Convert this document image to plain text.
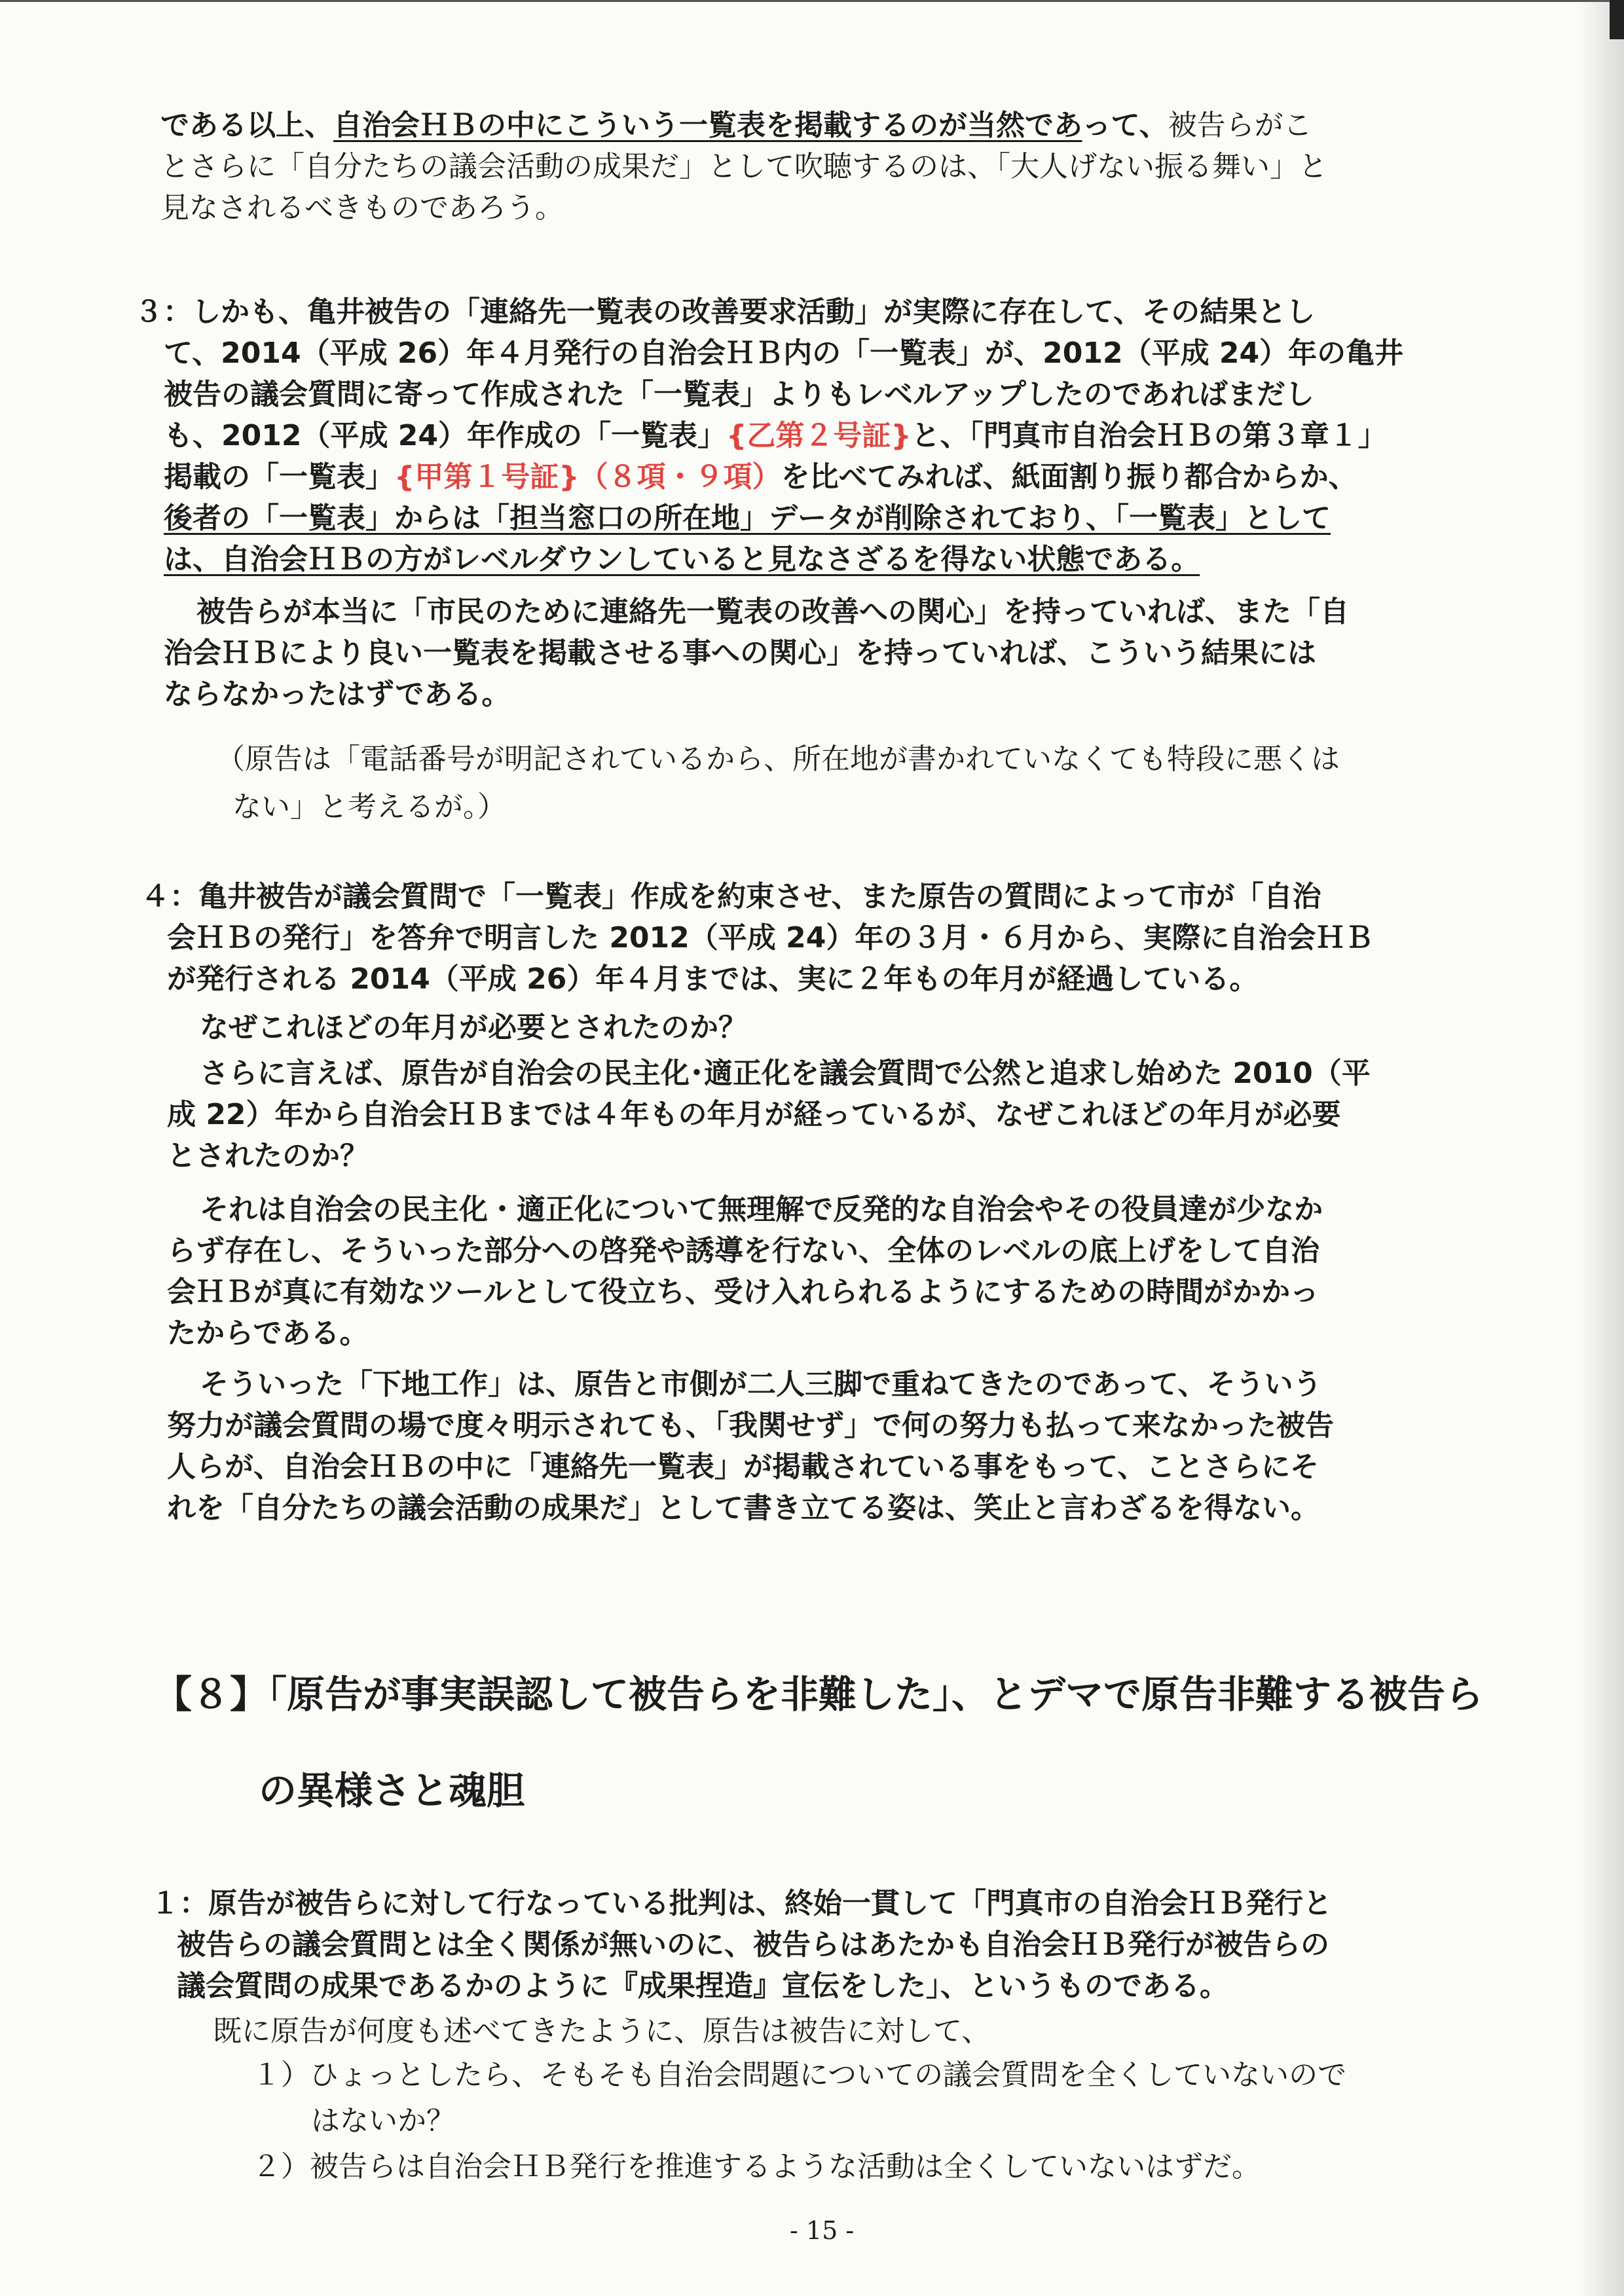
である以上、自治会ＨＢの中にこういう一覧表を掲載するのが当然であって、被告らがこ
とさらに「自分たちの議会活動の成果だ」として吹聴するのは、「大人げない振る舞い」と
見なされるべきものであろう。
３：しかも、亀井被告の「連絡先一覧表の改善要求活動」が実際に存在して、その結果とし
て、2014（平成 26）年４月発行の自治会ＨＢ内の「一覧表」が、2012（平成 24）年の亀井
被告の議会質問に寄って作成された「一覧表」よりもレベルアップしたのであればまだし
も、2012（平成 24）年作成の「一覧表」{乙第２号証}と、「門真市自治会ＨＢの第３章１」
掲載の「一覧表」{甲第１号証}（８項・９項）を比べてみれば、紙面割り振り都合からか、
後者の「一覧表」からは「担当窓口の所在地」データが削除されており、「一覧表」として
は、自治会ＨＢの方がレベルダウンしていると見なさざるを得ない状態である。
被告らが本当に「市民のために連絡先一覧表の改善への関心」を持っていれば、また「自
治会ＨＢにより良い一覧表を掲載させる事への関心」を持っていれば、こういう結果には
ならなかったはずである。
（原告は「電話番号が明記されているから、所在地が書かれていなくても特段に悪くは
ない」と考えるが。）
４：亀井被告が議会質問で「一覧表」作成を約束させ、また原告の質問によって市が「自治
会ＨＢの発行」を答弁で明言した 2012（平成 24）年の３月・６月から、実際に自治会ＨＢ
が発行される 2014（平成 26）年４月までは、実に２年もの年月が経過している。
なぜこれほどの年月が必要とされたのか？
さらに言えば、原告が自治会の民主化･適正化を議会質問で公然と追求し始めた 2010（平
成 22）年から自治会ＨＢまでは４年もの年月が経っているが、なぜこれほどの年月が必要
とされたのか？
それは自治会の民主化・適正化について無理解で反発的な自治会やその役員達が少なか
らず存在し、そういった部分への啓発や誘導を行ない、全体のレベルの底上げをして自治
会ＨＢが真に有効なツールとして役立ち、受け入れられるようにするための時間がかかっ
たからである。
そういった「下地工作」は、原告と市側が二人三脚で重ねてきたのであって、そういう
努力が議会質問の場で度々明示されても、「我関せず」で何の努力も払って来なかった被告
人らが、自治会ＨＢの中に「連絡先一覧表」が掲載されている事をもって、ことさらにそ
れを「自分たちの議会活動の成果だ」として書き立てる姿は、笑止と言わざるを得ない。
【８】「原告が事実誤認して被告らを非難した」、とデマで原告非難する被告ら
の異様さと魂胆
１：原告が被告らに対して行なっている批判は、終始一貫して「門真市の自治会ＨＢ発行と
被告らの議会質問とは全く関係が無いのに、被告らはあたかも自治会ＨＢ発行が被告らの
議会質問の成果であるかのように『成果捏造』宣伝をした」、というものである。
既に原告が何度も述べてきたように、原告は被告に対して、
１）ひょっとしたら、そもそも自治会問題についての議会質問を全くしていないので
はないか？
２）被告らは自治会ＨＢ発行を推進するような活動は全くしていないはずだ。
- 15 -
